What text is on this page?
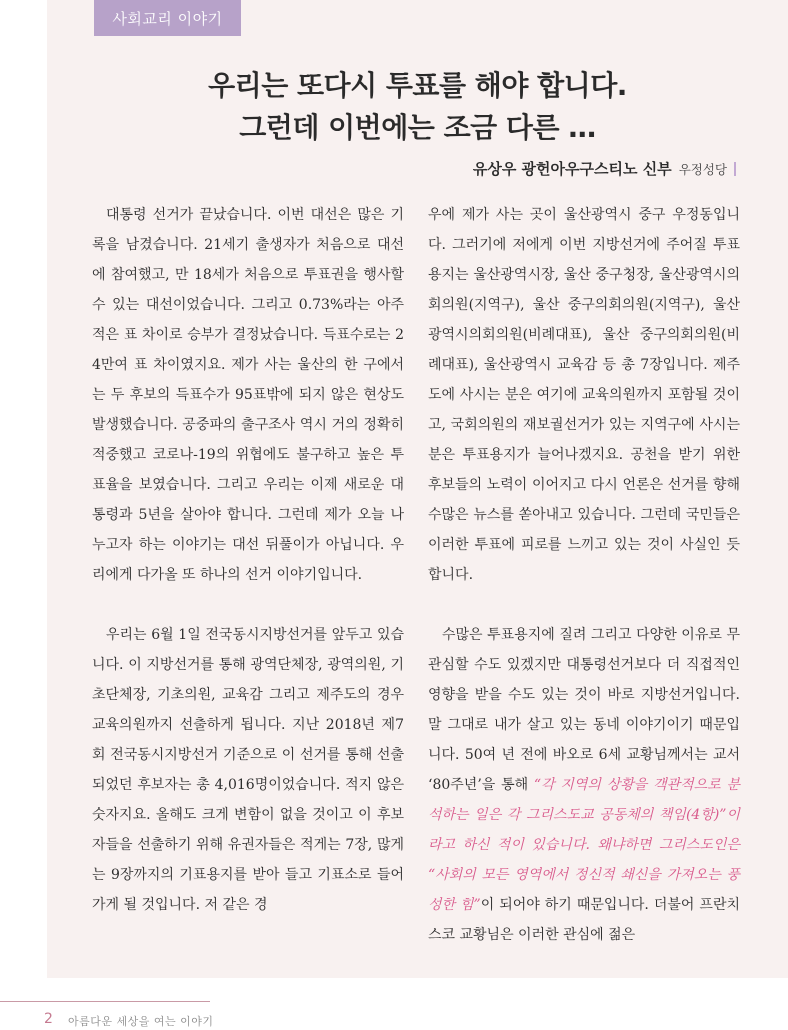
사회교리 이야기
우리는 또다시 투표를 해야 합니다.
그런데 이번에는 조금 다른 …
유상우 광헌아우구스티노 신부 우정성당

대통령 선거가 끝났습니다. 이번 대선은 많은 기록을 남겼습니다. 21세기 출생자가 처음으로 대선에 참여했고, 만 18세가 처음으로 투표권을 행사할 수 있는 대선이었습니다. 그리고 0.73%라는 아주 적은 표 차이로 승부가 결정났습니다. 득표수로는 24만여 표 차이였지요. 제가 사는 울산의 한 구에서는 두 후보의 득표수가 95표밖에 되지 않은 현상도 발생했습니다. 공중파의 출구조사 역시 거의 정확히 적중했고 코로나-19의 위협에도 불구하고 높은 투표율을 보였습니다. 그리고 우리는 이제 새로운 대통령과 5년을 살아야 합니다. 그런데 제가 오늘 나누고자 하는 이야기는 대선 뒤풀이가 아닙니다. 우리에게 다가올 또 하나의 선거 이야기입니다.

우리는 6월 1일 전국동시지방선거를 앞두고 있습니다. 이 지방선거를 통해 광역단체장, 광역의원, 기초단체장, 기초의원, 교육감 그리고 제주도의 경우 교육의원까지 선출하게 됩니다. 지난 2018년 제7회 전국동시지방선거 기준으로 이 선거를 통해 선출되었던 후보자는 총 4,016명이었습니다. 적지 않은 숫자지요. 올해도 크게 변함이 없을 것이고 이 후보자들을 선출하기 위해 유권자들은 적게는 7장, 많게는 9장까지의 기표용지를 받아 들고 기표소로 들어가게 될 것입니다. 저 같은 경

우에 제가 사는 곳이 울산광역시 중구 우정동입니다. 그러기에 저에게 이번 지방선거에 주어질 투표용지는 울산광역시장, 울산 중구청장, 울산광역시의회의원(지역구), 울산 중구의회의원(지역구), 울산광역시의회의원(비례대표), 울산 중구의회의원(비례대표), 울산광역시 교육감 등 총 7장입니다. 제주도에 사시는 분은 여기에 교육의원까지 포함될 것이고, 국회의원의 재보궐선거가 있는 지역구에 사시는 분은 투표용지가 늘어나겠지요. 공천을 받기 위한 후보들의 노력이 이어지고 다시 언론은 선거를 향해 수많은 뉴스를 쏟아내고 있습니다. 그런데 국민들은 이러한 투표에 피로를 느끼고 있는 것이 사실인 듯합니다.

수많은 투표용지에 질려 그리고 다양한 이유로 무관심할 수도 있겠지만 대통령선거보다 더 직접적인 영향을 받을 수도 있는 것이 바로 지방선거입니다. 말 그대로 내가 살고 있는 동네 이야기이기 때문입니다. 50여 년 전에 바오로 6세 교황님께서는 교서 ‘80주년’을 통해 “각 지역의 상황을 객관적으로 분석하는 일은 각 그리스도교 공동체의 책임(4항)”이라고 하신 적이 있습니다. 왜냐하면 그리스도인은 “사회의 모든 영역에서 정신적 쇄신을 가져오는 풍성한 힘”이 되어야 하기 때문입니다. 더불어 프란치스코 교황님은 이러한 관심에 젊은

2 아름다운 세상을 여는 이야기
